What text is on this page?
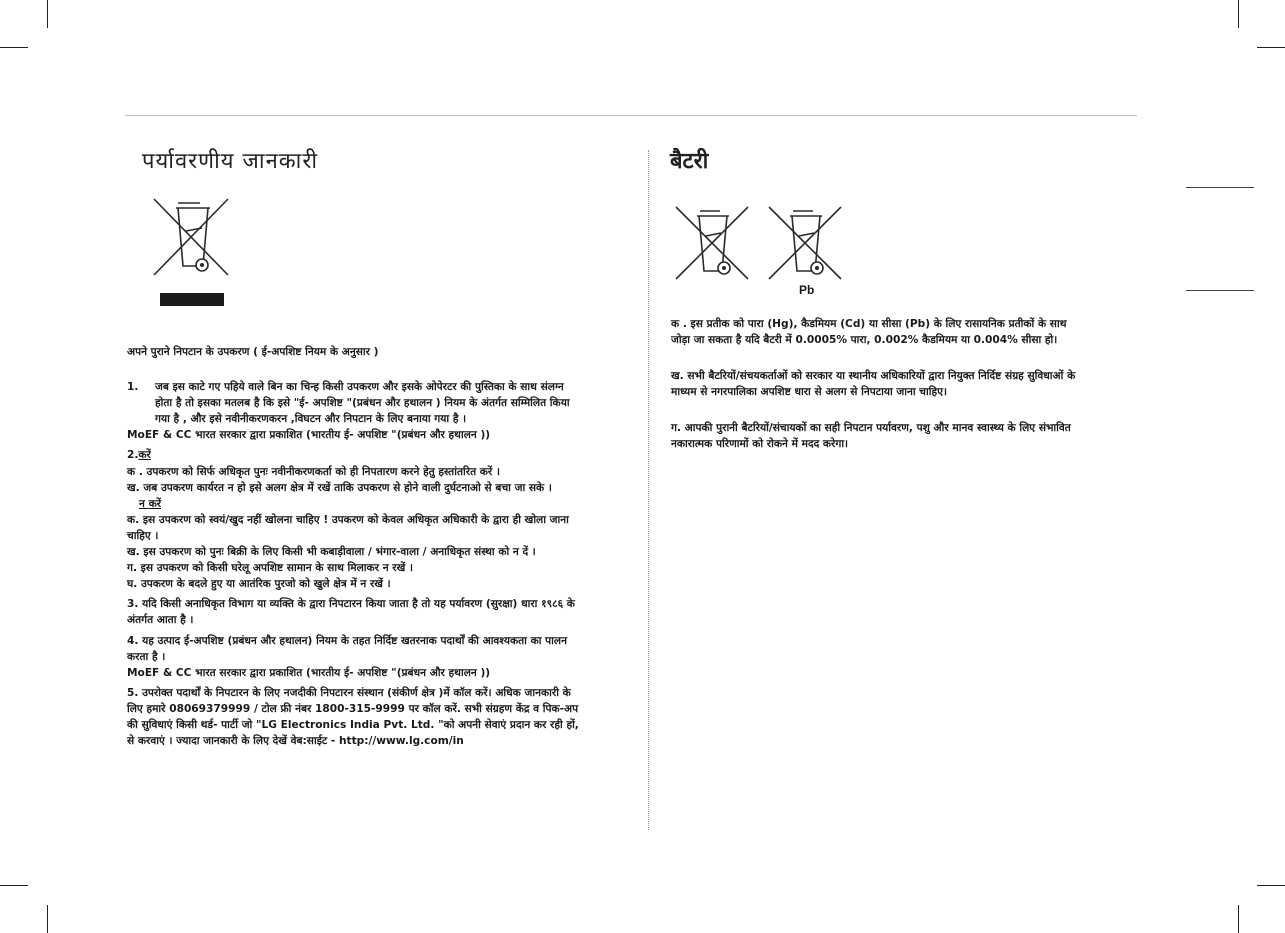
पर्यावरणीय जानकारी

अपने पुराने निपटान के उपकरण ( ई-अपशिष्ट नियम के अनुसार )

1.	जब इस काटे गए पहिये वाले बिन का चिन्ह किसी उपकरण और इसके ओपेरटर की पुस्तिका के साथ संलग्न होता है तो इसका मतलब है कि इसे "ई- अपशिष्ट "(प्रबंधन और हथालन ) नियम के अंतर्गत सम्मिलित किया गया है , और इसे नवीनीकरणकरन ,विघटन और निपटान के लिए बनाया गया है ।

MoEF & CC भारत सरकार द्वारा प्रकाशित (भारतीय ई- अपशिष्ट "(प्रबंधन और हथालन ))

2.करें

क . उपकरण को सिर्फ अधिकृत पुनः नवीनीकरणकर्ता को ही निपतारण करने हेतु हस्तांतरित करें ।

ख. जब उपकरण कार्यरत न हो इसे अलग क्षेत्र में रखें ताकि उपकरण से होने वाली दुर्घटनाओ से बचा जा सके ।

न करें

क. इस उपकरण को स्वयं/खुद नहीं खोलना चाहिए ! उपकरण को केवल अधिकृत अधिकारी के द्वारा ही खोला जाना चाहिए ।

ख. इस उपकरण को पुनः बिक्री के लिए किसी भी कबाड़ीवाला / भंगार-वाला / अनाधिकृत संस्था को न दें ।

ग. इस उपकरण को किसी घरेलू अपशिष्ट सामान के साथ मिलाकर न रखें ।

घ. उपकरण के बदले हुए या आतंरिक पुरजो को खुले क्षेत्र में न रखें ।

3. यदि किसी अनाधिकृत विभाग या व्यक्ति के द्वारा निपटारन किया जाता है तो यह पर्यावरण (सुरक्षा) धारा १९८६ के अंतर्गत आता है ।

4. यह उत्पाद ई-अपशिष्ट (प्रबंधन और हथालन) नियम के तहत निर्दिष्ट खतरनाक पदार्थों की आवश्यकता का पालन करता है ।

MoEF & CC भारत सरकार द्वारा प्रकाशित (भारतीय ई- अपशिष्ट "(प्रबंधन और हथालन ))

5. उपरोक्त पदार्थों के निपटारन के लिए नजदीकी निपटारन संस्थान (संकीर्ण क्षेत्र )में कॉल करें। अधिक जानकारी के लिए हमारे 08069379999 / टोल फ्री नंबर 1800-315-9999 पर कॉल करें. सभी संग्रहण केंद्र व पिक-अप की सुविधाएं किसी थर्ड- पार्टी जो "LG Electronics India Pvt. Ltd. "को अपनी सेवाएं प्रदान कर रही हों, से करवाएं । ज्यादा जानकारी के लिए देखें वेब:साईट - http://www.lg.com/in

बैटरी
Pb

क . इस प्रतीक को पारा (Hg), कैडमियम (Cd) या सीसा (Pb) के लिए रासायनिक प्रतीकों के साथ जोड़ा जा सकता है यदि बैटरी में 0.0005% पारा, 0.002% कैडमियम या 0.004% सीसा हो।

ख. सभी बैटरियों/संचयकर्ताओं को सरकार या स्थानीय अधिकारियों द्वारा नियुक्त निर्दिष्ट संग्रह सुविधाओं के माध्यम से नगरपालिका अपशिष्ट धारा से अलग से निपटाया जाना चाहिए।

ग. आपकी पुरानी बैटरियों/संचायकों का सही निपटान पर्यावरण, पशु और मानव स्वास्थ्य के लिए संभावित नकारात्मक परिणामों को रोकने में मदद करेगा।
